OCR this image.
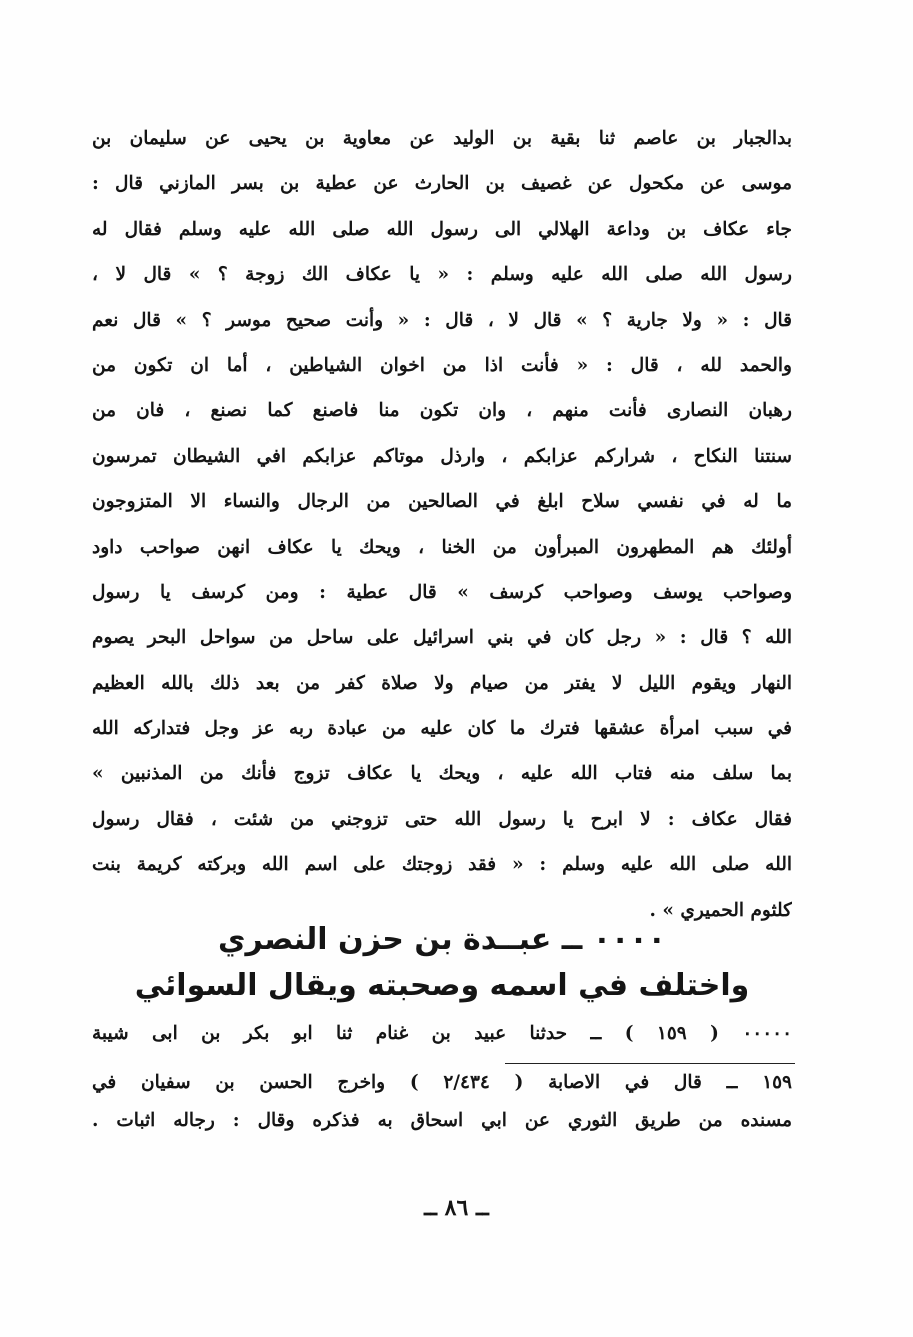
بدالجبار بن عاصم ثنا بقية بن الوليد عن معاوية بن يحيى عن سليمان بن
موسى عن مكحول عن غصيف بن الحارث عن عطية بن بسر المازني قال :
جاء عكاف بن وداعة الهلالي الى رسول الله صلى الله عليه وسلم فقال له
رسول الله صلى الله عليه وسلم : « يا عكاف الك زوجة ؟ » قال لا ،
قال : « ولا جارية ؟ » قال لا ، قال : « وأنت صحيح موسر ؟ » قال نعم
والحمد لله ، قال : « فأنت اذا من اخوان الشياطين ، أما ان تكون من
رهبان النصارى فأنت منهم ، وان تكون منا فاصنع كما نصنع ، فان من
سنتنا النكاح ، شراركم عزابكم ، وارذل موتاكم عزابكم افي الشيطان تمرسون
ما له في نفسي سلاح ابلغ في الصالحين من الرجال والنساء الا المتزوجون
أولئك هم المطهرون المبرأون من الخنا ، ويحك يا عكاف انهن صواحب داود
وصواحب يوسف وصواحب كرسف » قال عطية : ومن كرسف يا رسول
الله ؟ قال : « رجل كان في بني اسرائيل على ساحل من سواحل البحر يصوم
النهار ويقوم الليل لا يفتر من صيام ولا صلاة كفر من بعد ذلك بالله العظيم
في سبب امرأة عشقها فترك ما كان عليه من عبادة ربه عز وجل فتداركه الله
بما سلف منه فتاب الله عليه ، ويحك يا عكاف تزوج فأنك من المذنبين »
فقال عكاف : لا ابرح يا رسول الله حتى تزوجني من شئت ، فقال رسول
الله صلى الله عليه وسلم : « فقد زوجتك على اسم الله وبركته كريمة بنت
كلثوم الحميري » .
٠٠٠٠ ــ عبــدة بن حزن النصري
واختلف في اسمه وصحبته ويقال السوائي
٠٠٠٠٠ ( ١٥٩ ) ــ حدثنا عبيد بن غنام ثنا ابو بكر بن ابى شيبة
١٥٩ ــ قال في الاصابة ( ٢/٤٣٤ ) واخرج الحسن بن سفيان في
مسنده من طريق الثوري عن ابي اسحاق به فذكره وقال : رجاله اثبات .
ــ ٨٦ ــ
